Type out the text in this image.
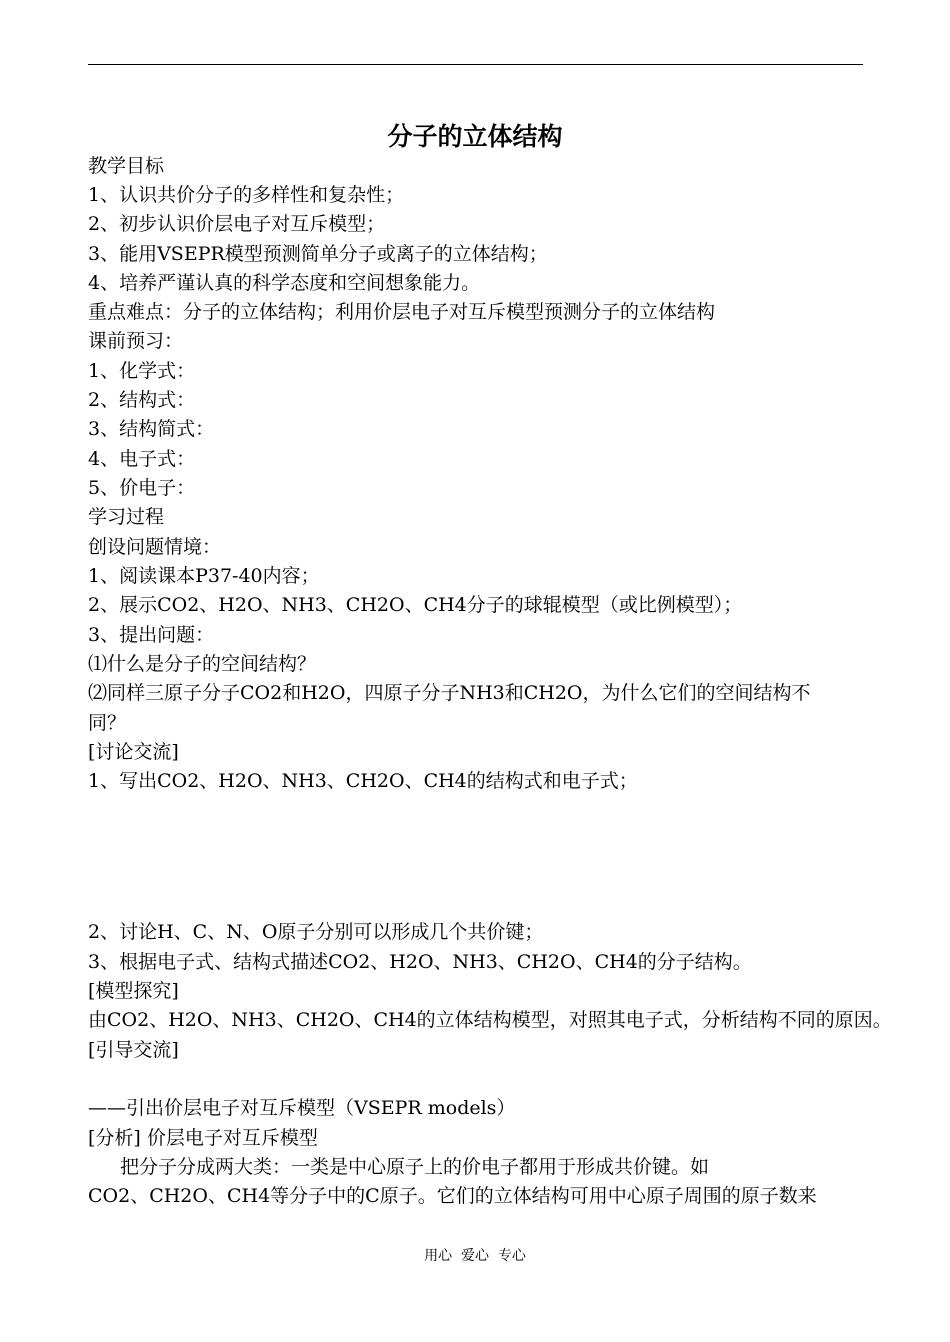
分子的立体结构
教学目标
1、认识共价分子的多样性和复杂性；
2、初步认识价层电子对互斥模型；
3、能用VSEPR模型预测简单分子或离子的立体结构；
4、培养严谨认真的科学态度和空间想象能力。
重点难点：分子的立体结构；利用价层电子对互斥模型预测分子的立体结构
课前预习：
1、化学式：
2、结构式：
3、结构简式：
4、电子式：
5、价电子：
学习过程
创设问题情境：
1、阅读课本P37-40内容；
2、展示CO2、H2O、NH3、CH2O、CH4分子的球辊模型（或比例模型）；
3、提出问题：
⑴什么是分子的空间结构？
⑵同样三原子分子CO2和H2O，四原子分子NH3和CH2O，为什么它们的空间结构不
同？
[讨论交流]
1、写出CO2、H2O、NH3、CH2O、CH4的结构式和电子式；
2、讨论H、C、N、O原子分别可以形成几个共价键；
3、根据电子式、结构式描述CO2、H2O、NH3、CH2O、CH4的分子结构。
[模型探究]
由CO2、H2O、NH3、CH2O、CH4的立体结构模型，对照其电子式，分析结构不同的原因。
[引导交流]
——引出价层电子对互斥模型（VSEPR models）
[分析] 价层电子对互斥模型
把分子分成两大类：一类是中心原子上的价电子都用于形成共价键。如
CO2、CH2O、CH4等分子中的C原子。它们的立体结构可用中心原子周围的原子数来
用心  爱心  专心
